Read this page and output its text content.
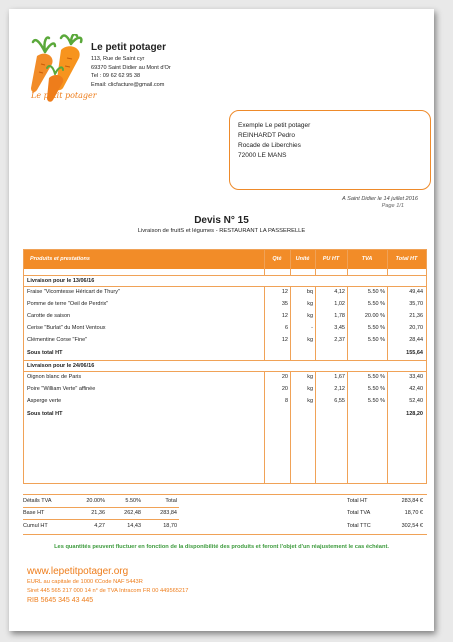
Le petit potager
Le petit potager
113, Rue de Saint cyr
69370 Saint Didier au Mont d'Or
Tel : 09 62 62 95 38
Email: clicfacture@gmail.com
Exemple Le petit potager
REINHARDT Pedro
Rocade de Liberchies
72000 LE MANS
A Saint Didier le 14 juillet 2016
Page 1/1
Devis N° 15
Livraison de fruitS et légumes - RESTAURANT LA PASSERELLE
Produits et prestations	Qté	Unité	PU HT	TVA	Total HT
Livraison pour le 13/06/16
Fraise "Vicomtesse Héricart de Thury"	12	bq	4,12	5.50 %	49,44
Pomme de terre "Oeil de Perdrix"	35	kg	1,02	5.50 %	35,70
Carotte de saison	12	kg	1,78	20.00 %	21,36
Cerise "Burlat" du Mont Ventoux	6	-	3,45	5.50 %	20,70
Clémentine Corse "Fine"	12	kg	2,37	5.50 %	28,44
Sous total HT	155,64
Livraison pour le 24/06/16
Oignon blanc de Paris	20	kg	1,67	5.50 %	33,40
Poire "William Verte" affinée	20	kg	2,12	5.50 %	42,40
Asperge verte	8	kg	6,55	5.50 %	52,40
Sous total HT	128,20
Détails TVA	20.00%	5.50%	Total
Base HT	21,36	262,48	283,84
Cumul HT	4,27	14,43	18,70
Total HT	283,84 €
Total TVA	18,70 €
Total TTC	302,54 €
Les quantités peuvent fluctuer en fonction de la disponibilité des produits et feront l'objet d'un réajustement le cas échéant.
www.lepetitpotager.org
EURL au capitale de 1000 €Code NAF 5443R
Siret 445 565 217 000 14 n° de TVA Intracom FR 00 449565217
RIB 5645 345 43 445
